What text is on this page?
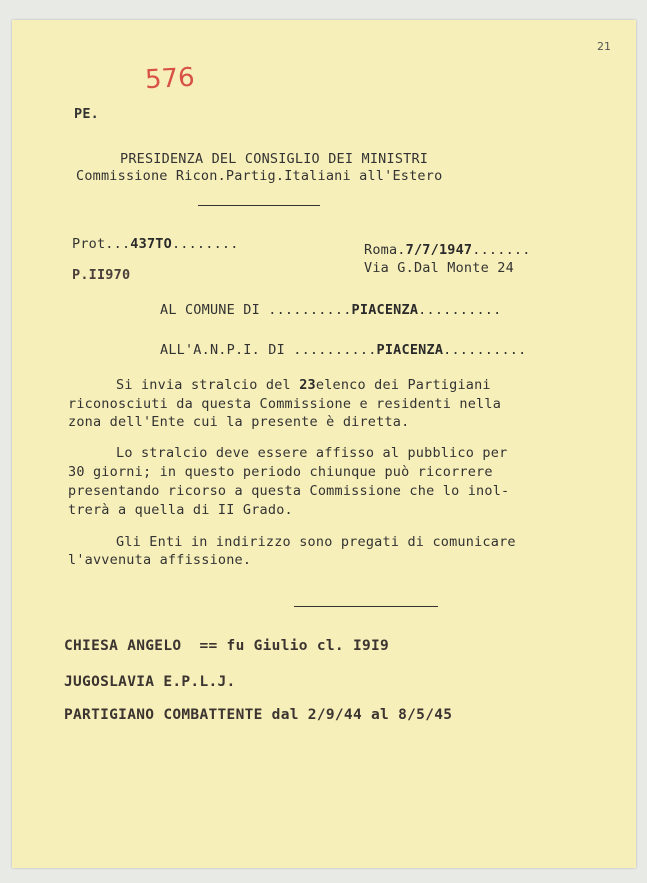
576
21
PE.
PRESIDENZA DEL CONSIGLIO DEI MINISTRI
Commissione Ricon.Partig.Italiani all'Estero
Prot...437TO........
P.II970
Roma.7/7/1947.......
Via G.Dal Monte 24
AL COMUNE DI ..........PIACENZA..........
ALL'A.N.P.I. DI ..........PIACENZA..........
Si invia stralcio del 23elenco dei Partigiani
riconosciuti da questa Commissione e residenti nella
zona dell'Ente cui la presente è diretta.
Lo stralcio deve essere affisso al pubblico per
30 giorni; in questo periodo chiunque può ricorrere
presentando ricorso a questa Commissione che lo inol-
trerà a quella di II Grado.
Gli Enti in indirizzo sono pregati di comunicare
l'avvenuta affissione.
CHIESA ANGELO  == fu Giulio cl. I9I9
JUGOSLAVIA E.P.L.J.
PARTIGIANO COMBATTENTE dal 2/9/44 al 8/5/45
